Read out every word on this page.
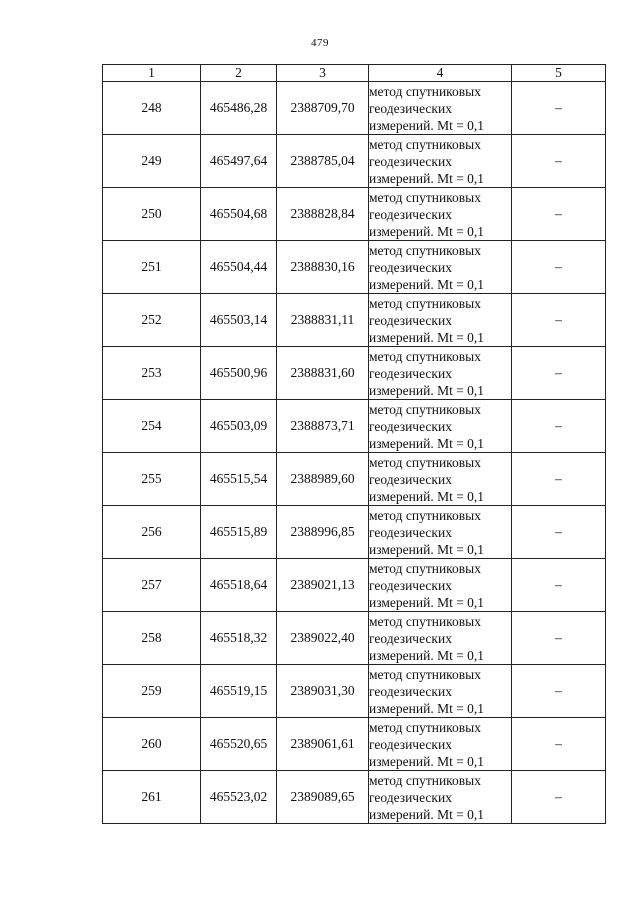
479
1	2	3	4	5
248	465486,28	2388709,70	метод спутниковых
геодезических
измерений. Mt = 0,1	–
249	465497,64	2388785,04	метод спутниковых
геодезических
измерений. Mt = 0,1	–
250	465504,68	2388828,84	метод спутниковых
геодезических
измерений. Mt = 0,1	–
251	465504,44	2388830,16	метод спутниковых
геодезических
измерений. Mt = 0,1	–
252	465503,14	2388831,11	метод спутниковых
геодезических
измерений. Mt = 0,1	–
253	465500,96	2388831,60	метод спутниковых
геодезических
измерений. Mt = 0,1	–
254	465503,09	2388873,71	метод спутниковых
геодезических
измерений. Mt = 0,1	–
255	465515,54	2388989,60	метод спутниковых
геодезических
измерений. Mt = 0,1	–
256	465515,89	2388996,85	метод спутниковых
геодезических
измерений. Mt = 0,1	–
257	465518,64	2389021,13	метод спутниковых
геодезических
измерений. Mt = 0,1	–
258	465518,32	2389022,40	метод спутниковых
геодезических
измерений. Mt = 0,1	–
259	465519,15	2389031,30	метод спутниковых
геодезических
измерений. Mt = 0,1	–
260	465520,65	2389061,61	метод спутниковых
геодезических
измерений. Mt = 0,1	–
261	465523,02	2389089,65	метод спутниковых
геодезических
измерений. Mt = 0,1	–
